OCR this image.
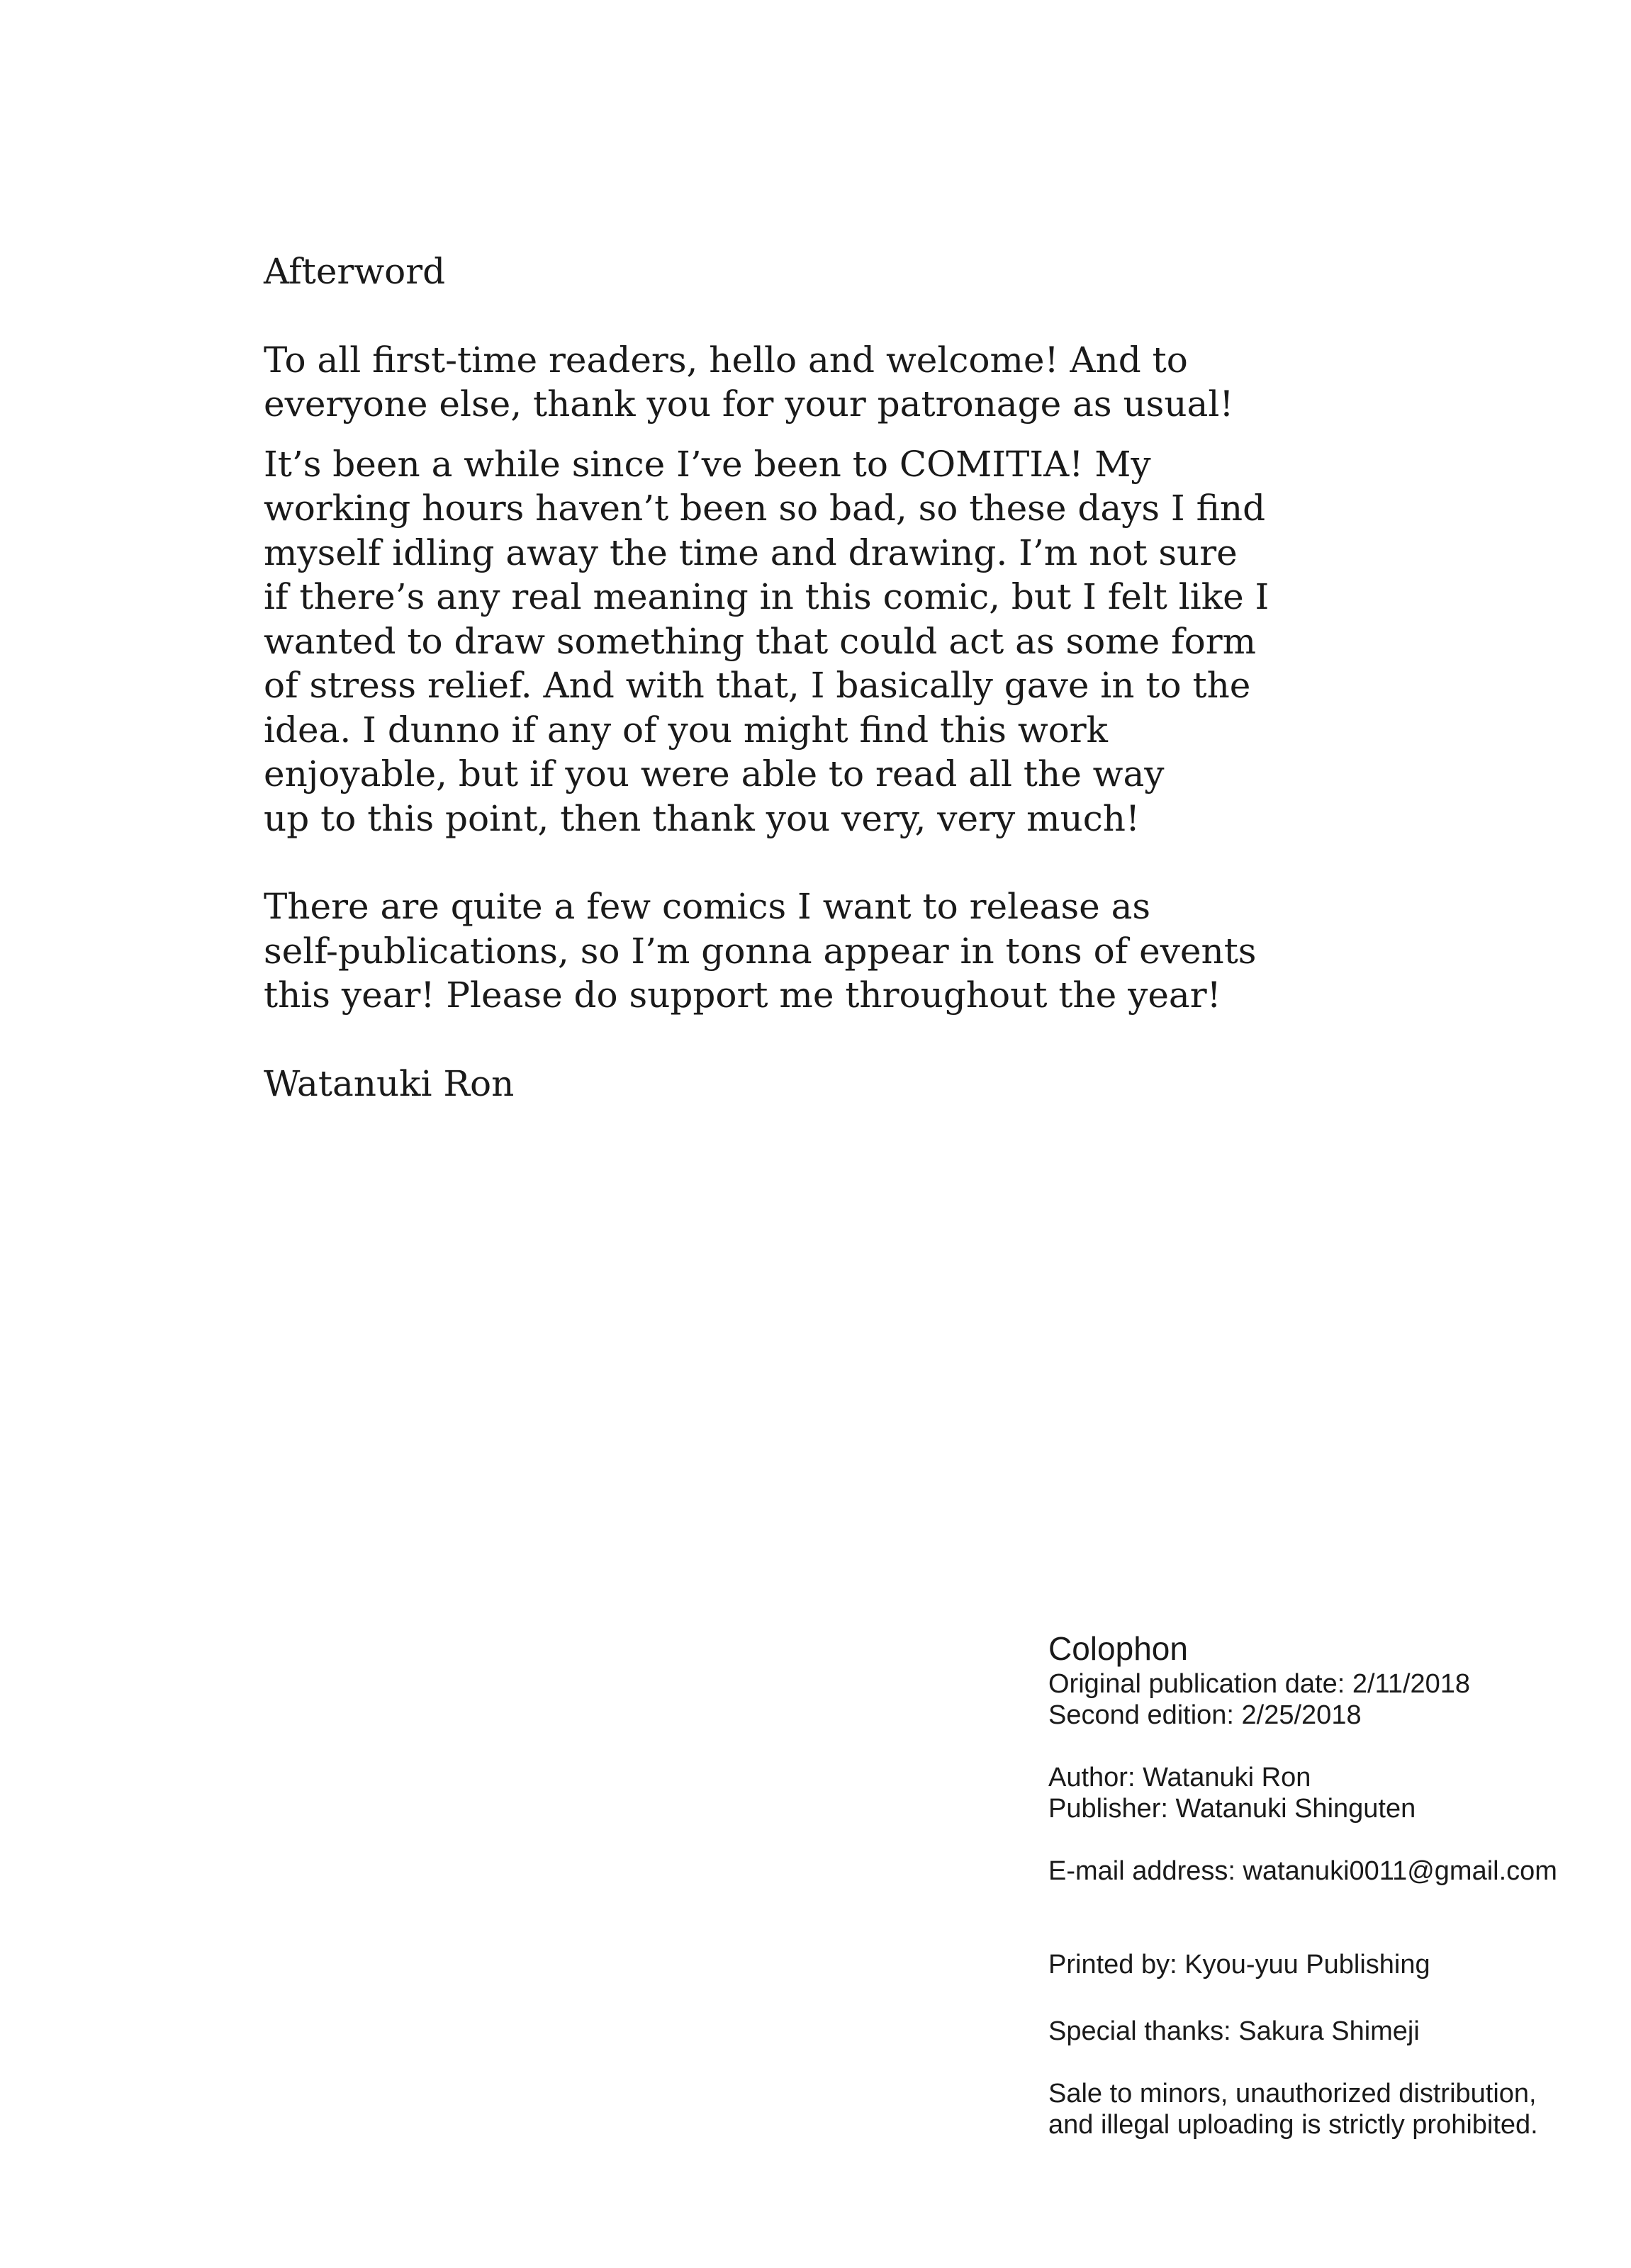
Afterword
To all first-time readers, hello and welcome! And to
everyone else, thank you for your patronage as usual!
It’s been a while since I’ve been to COMITIA! My
working hours haven’t been so bad, so these days I find
myself idling away the time and drawing. I’m not sure
if there’s any real meaning in this comic, but I felt like I
wanted to draw something that could act as some form
of stress relief. And with that, I basically gave in to the
idea. I dunno if any of you might find this work
enjoyable, but if you were able to read all the way
up to this point, then thank you very, very much!
There are quite a few comics I want to release as
self-publications, so I’m gonna appear in tons of events
this year! Please do support me throughout the year!
Watanuki Ron
Colophon
Original publication date: 2/11/2018
Second edition: 2/25/2018
Author: Watanuki Ron
Publisher: Watanuki Shinguten
E-mail address: watanuki0011@gmail.com
Printed by: Kyou-yuu Publishing
Special thanks: Sakura Shimeji
Sale to minors, unauthorized distribution,
and illegal uploading is strictly prohibited.
